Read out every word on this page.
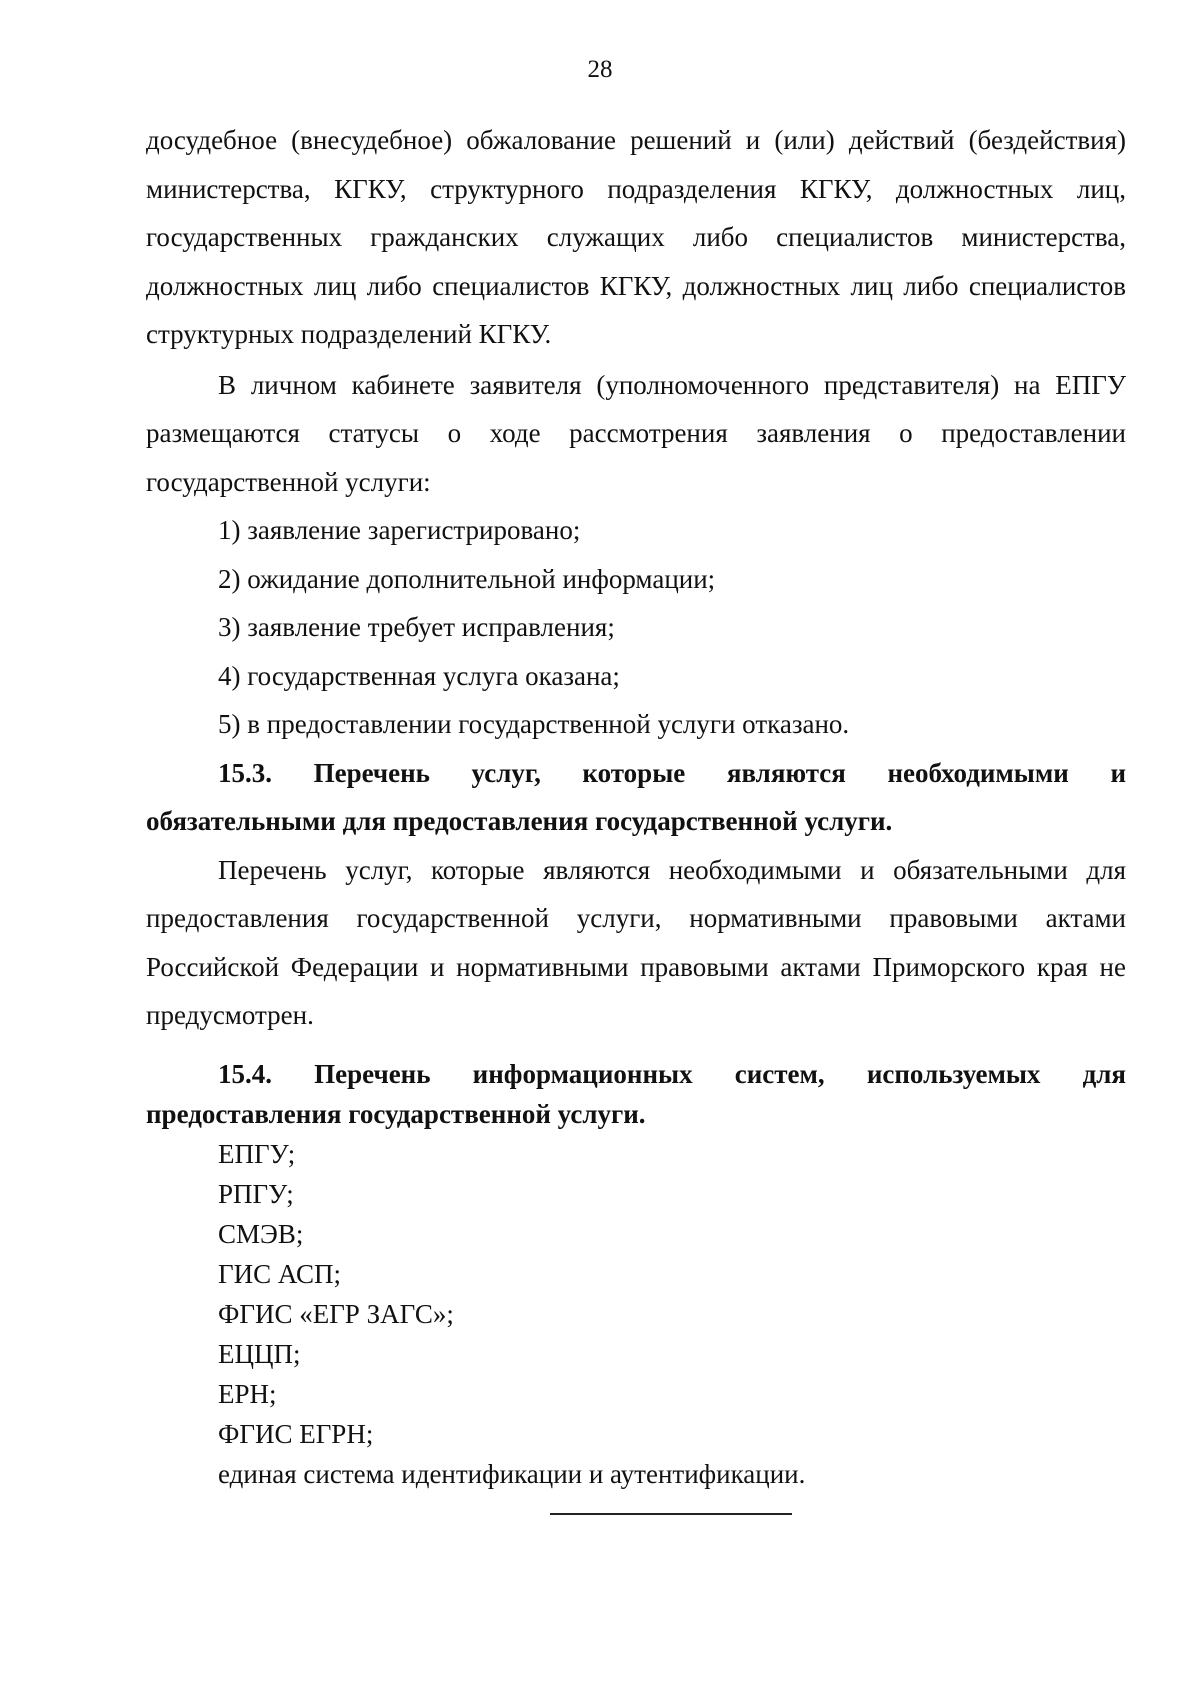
28

досудебное (внесудебное) обжалование решений и (или) действий (бездействия) министерства, КГКУ, структурного подразделения КГКУ, должностных лиц, государственных гражданских служащих либо специалистов министерства, должностных лиц либо специалистов КГКУ, должностных лиц либо специалистов структурных подразделений КГКУ.

В личном кабинете заявителя (уполномоченного представителя) на ЕПГУ размещаются статусы о ходе рассмотрения заявления о предоставлении государственной услуги:

1) заявление зарегистрировано;

2) ожидание дополнительной информации;

3) заявление требует исправления;

4) государственная услуга оказана;

5) в предоставлении государственной услуги отказано.

15.3. Перечень услуг, которые являются необходимыми и
обязательными для предоставления государственной услуги.

Перечень услуг, которые являются необходимыми и обязательными для предоставления государственной услуги, нормативными правовыми актами Российской Федерации и нормативными правовыми актами Приморского края не предусмотрен.

15.4. Перечень информационных систем, используемых для
предоставления государственной услуги.
ЕПГУ;
РПГУ;
СМЭВ;
ГИС АСП;
ФГИС «ЕГР ЗАГС»;
ЕЦЦП;
ЕРН;
ФГИС ЕГРН;
единая система идентификации и аутентификации.
